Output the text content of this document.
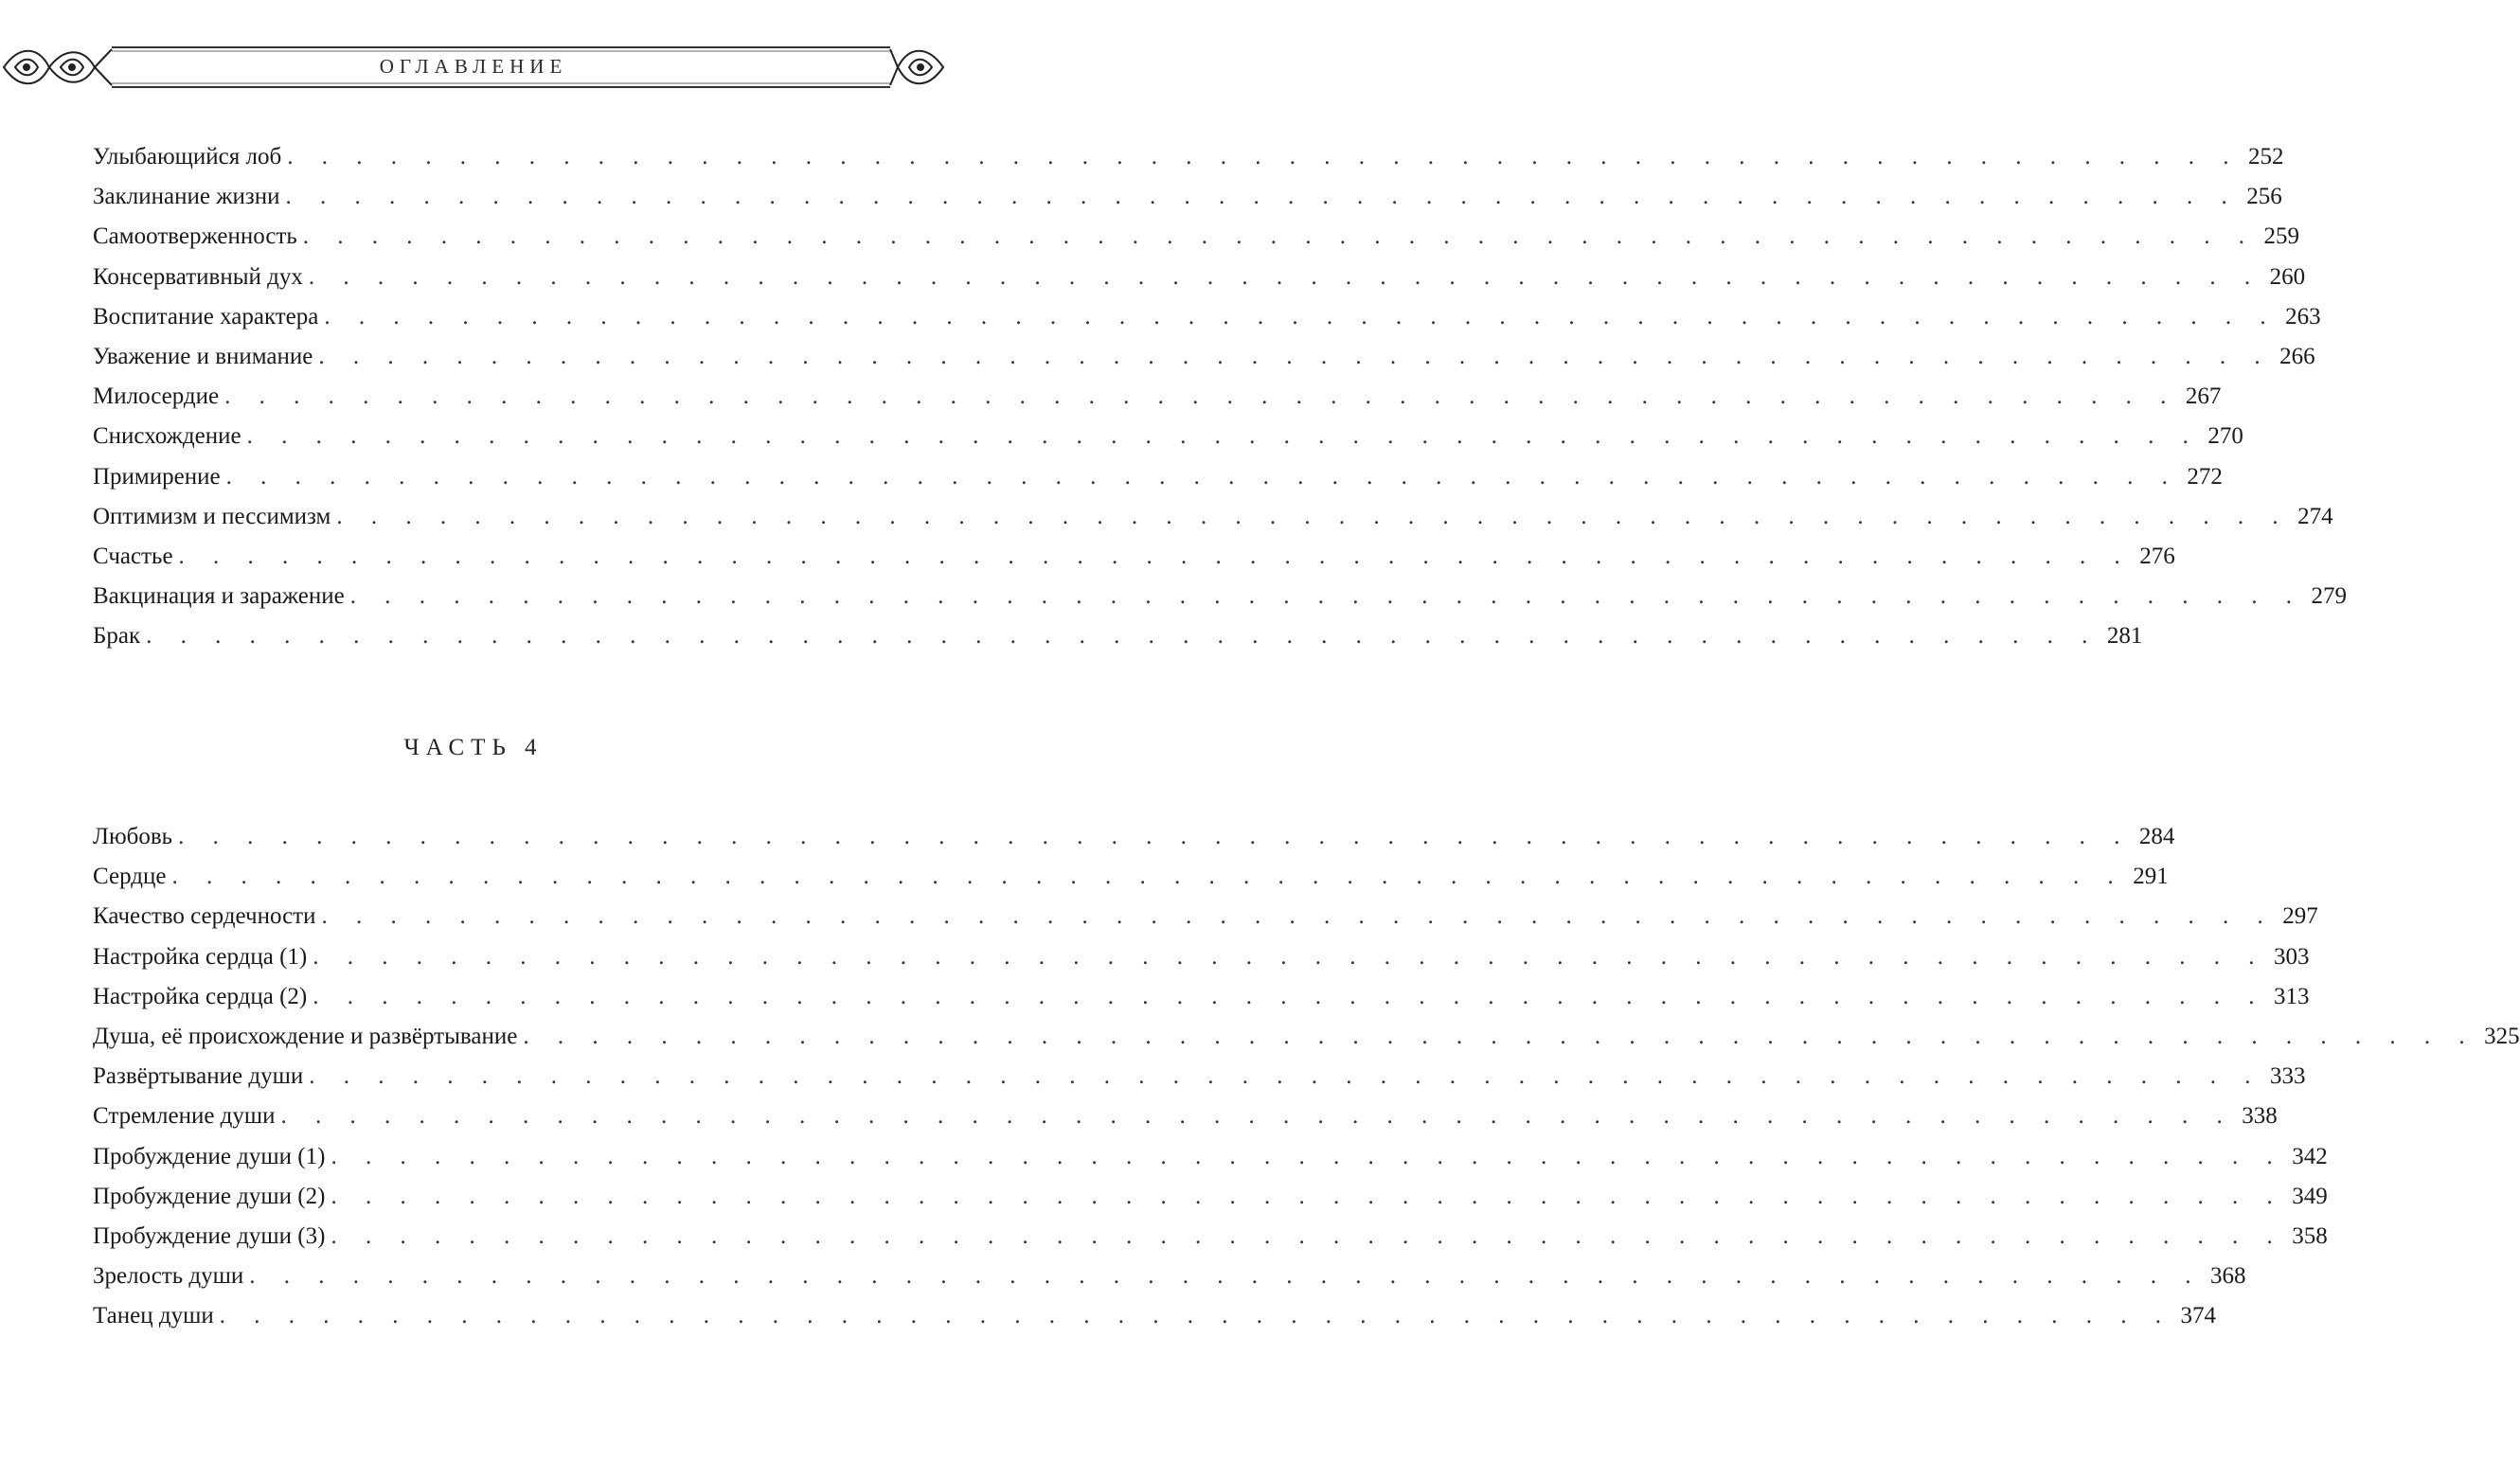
ОГЛАВЛЕНИЕ
Улыбающийся лоб . . . . . . . . . . . . . . . . . . . . . . . . . . . . . . . . . . . . . . . . . . . . . . . . . . . . . . . . . 252
Заклинание жизни . . . . . . . . . . . . . . . . . . . . . . . . . . . . . . . . . . . . . . . . . . . . . . . . . . . . . . . . . 256
Самоотверженность . . . . . . . . . . . . . . . . . . . . . . . . . . . . . . . . . . . . . . . . . . . . . . . . . . . . . . . . . 259
Консервативный дух . . . . . . . . . . . . . . . . . . . . . . . . . . . . . . . . . . . . . . . . . . . . . . . . . . . . . . . . . 260
Воспитание характера . . . . . . . . . . . . . . . . . . . . . . . . . . . . . . . . . . . . . . . . . . . . . . . . . . . . . . . . . 263
Уважение и внимание . . . . . . . . . . . . . . . . . . . . . . . . . . . . . . . . . . . . . . . . . . . . . . . . . . . . . . . . . 266
Милосердие . . . . . . . . . . . . . . . . . . . . . . . . . . . . . . . . . . . . . . . . . . . . . . . . . . . . . . . . . 267
Снисхождение . . . . . . . . . . . . . . . . . . . . . . . . . . . . . . . . . . . . . . . . . . . . . . . . . . . . . . . . . 270
Примирение . . . . . . . . . . . . . . . . . . . . . . . . . . . . . . . . . . . . . . . . . . . . . . . . . . . . . . . . . 272
Оптимизм и пессимизм . . . . . . . . . . . . . . . . . . . . . . . . . . . . . . . . . . . . . . . . . . . . . . . . . . . . . . . . . 274
Счастье . . . . . . . . . . . . . . . . . . . . . . . . . . . . . . . . . . . . . . . . . . . . . . . . . . . . . . . . . 276
Вакцинация и заражение . . . . . . . . . . . . . . . . . . . . . . . . . . . . . . . . . . . . . . . . . . . . . . . . . . . . . . . . . 279
Брак . . . . . . . . . . . . . . . . . . . . . . . . . . . . . . . . . . . . . . . . . . . . . . . . . . . . . . . . . 281
ЧАСТЬ 4
Любовь . . . . . . . . . . . . . . . . . . . . . . . . . . . . . . . . . . . . . . . . . . . . . . . . . . . . . . . . . 284
Сердце . . . . . . . . . . . . . . . . . . . . . . . . . . . . . . . . . . . . . . . . . . . . . . . . . . . . . . . . . 291
Качество сердечности . . . . . . . . . . . . . . . . . . . . . . . . . . . . . . . . . . . . . . . . . . . . . . . . . . . . . . . . . 297
Настройка сердца (1) . . . . . . . . . . . . . . . . . . . . . . . . . . . . . . . . . . . . . . . . . . . . . . . . . . . . . . . . . 303
Настройка сердца (2) . . . . . . . . . . . . . . . . . . . . . . . . . . . . . . . . . . . . . . . . . . . . . . . . . . . . . . . . . 313
Душа, её происхождение и развёртывание . . . . . . . . . . . . . . . . . . . . . . . . . . . . . . . . . . . . . . . . . . . . . . . . . . . . . . . . . 325
Развёртывание души . . . . . . . . . . . . . . . . . . . . . . . . . . . . . . . . . . . . . . . . . . . . . . . . . . . . . . . . . 333
Стремление души . . . . . . . . . . . . . . . . . . . . . . . . . . . . . . . . . . . . . . . . . . . . . . . . . . . . . . . . . 338
Пробуждение души (1) . . . . . . . . . . . . . . . . . . . . . . . . . . . . . . . . . . . . . . . . . . . . . . . . . . . . . . . . . 342
Пробуждение души (2) . . . . . . . . . . . . . . . . . . . . . . . . . . . . . . . . . . . . . . . . . . . . . . . . . . . . . . . . . 349
Пробуждение души (3) . . . . . . . . . . . . . . . . . . . . . . . . . . . . . . . . . . . . . . . . . . . . . . . . . . . . . . . . . 358
Зрелость души . . . . . . . . . . . . . . . . . . . . . . . . . . . . . . . . . . . . . . . . . . . . . . . . . . . . . . . . . 368
Танец души . . . . . . . . . . . . . . . . . . . . . . . . . . . . . . . . . . . . . . . . . . . . . . . . . . . . . . . . . 374
